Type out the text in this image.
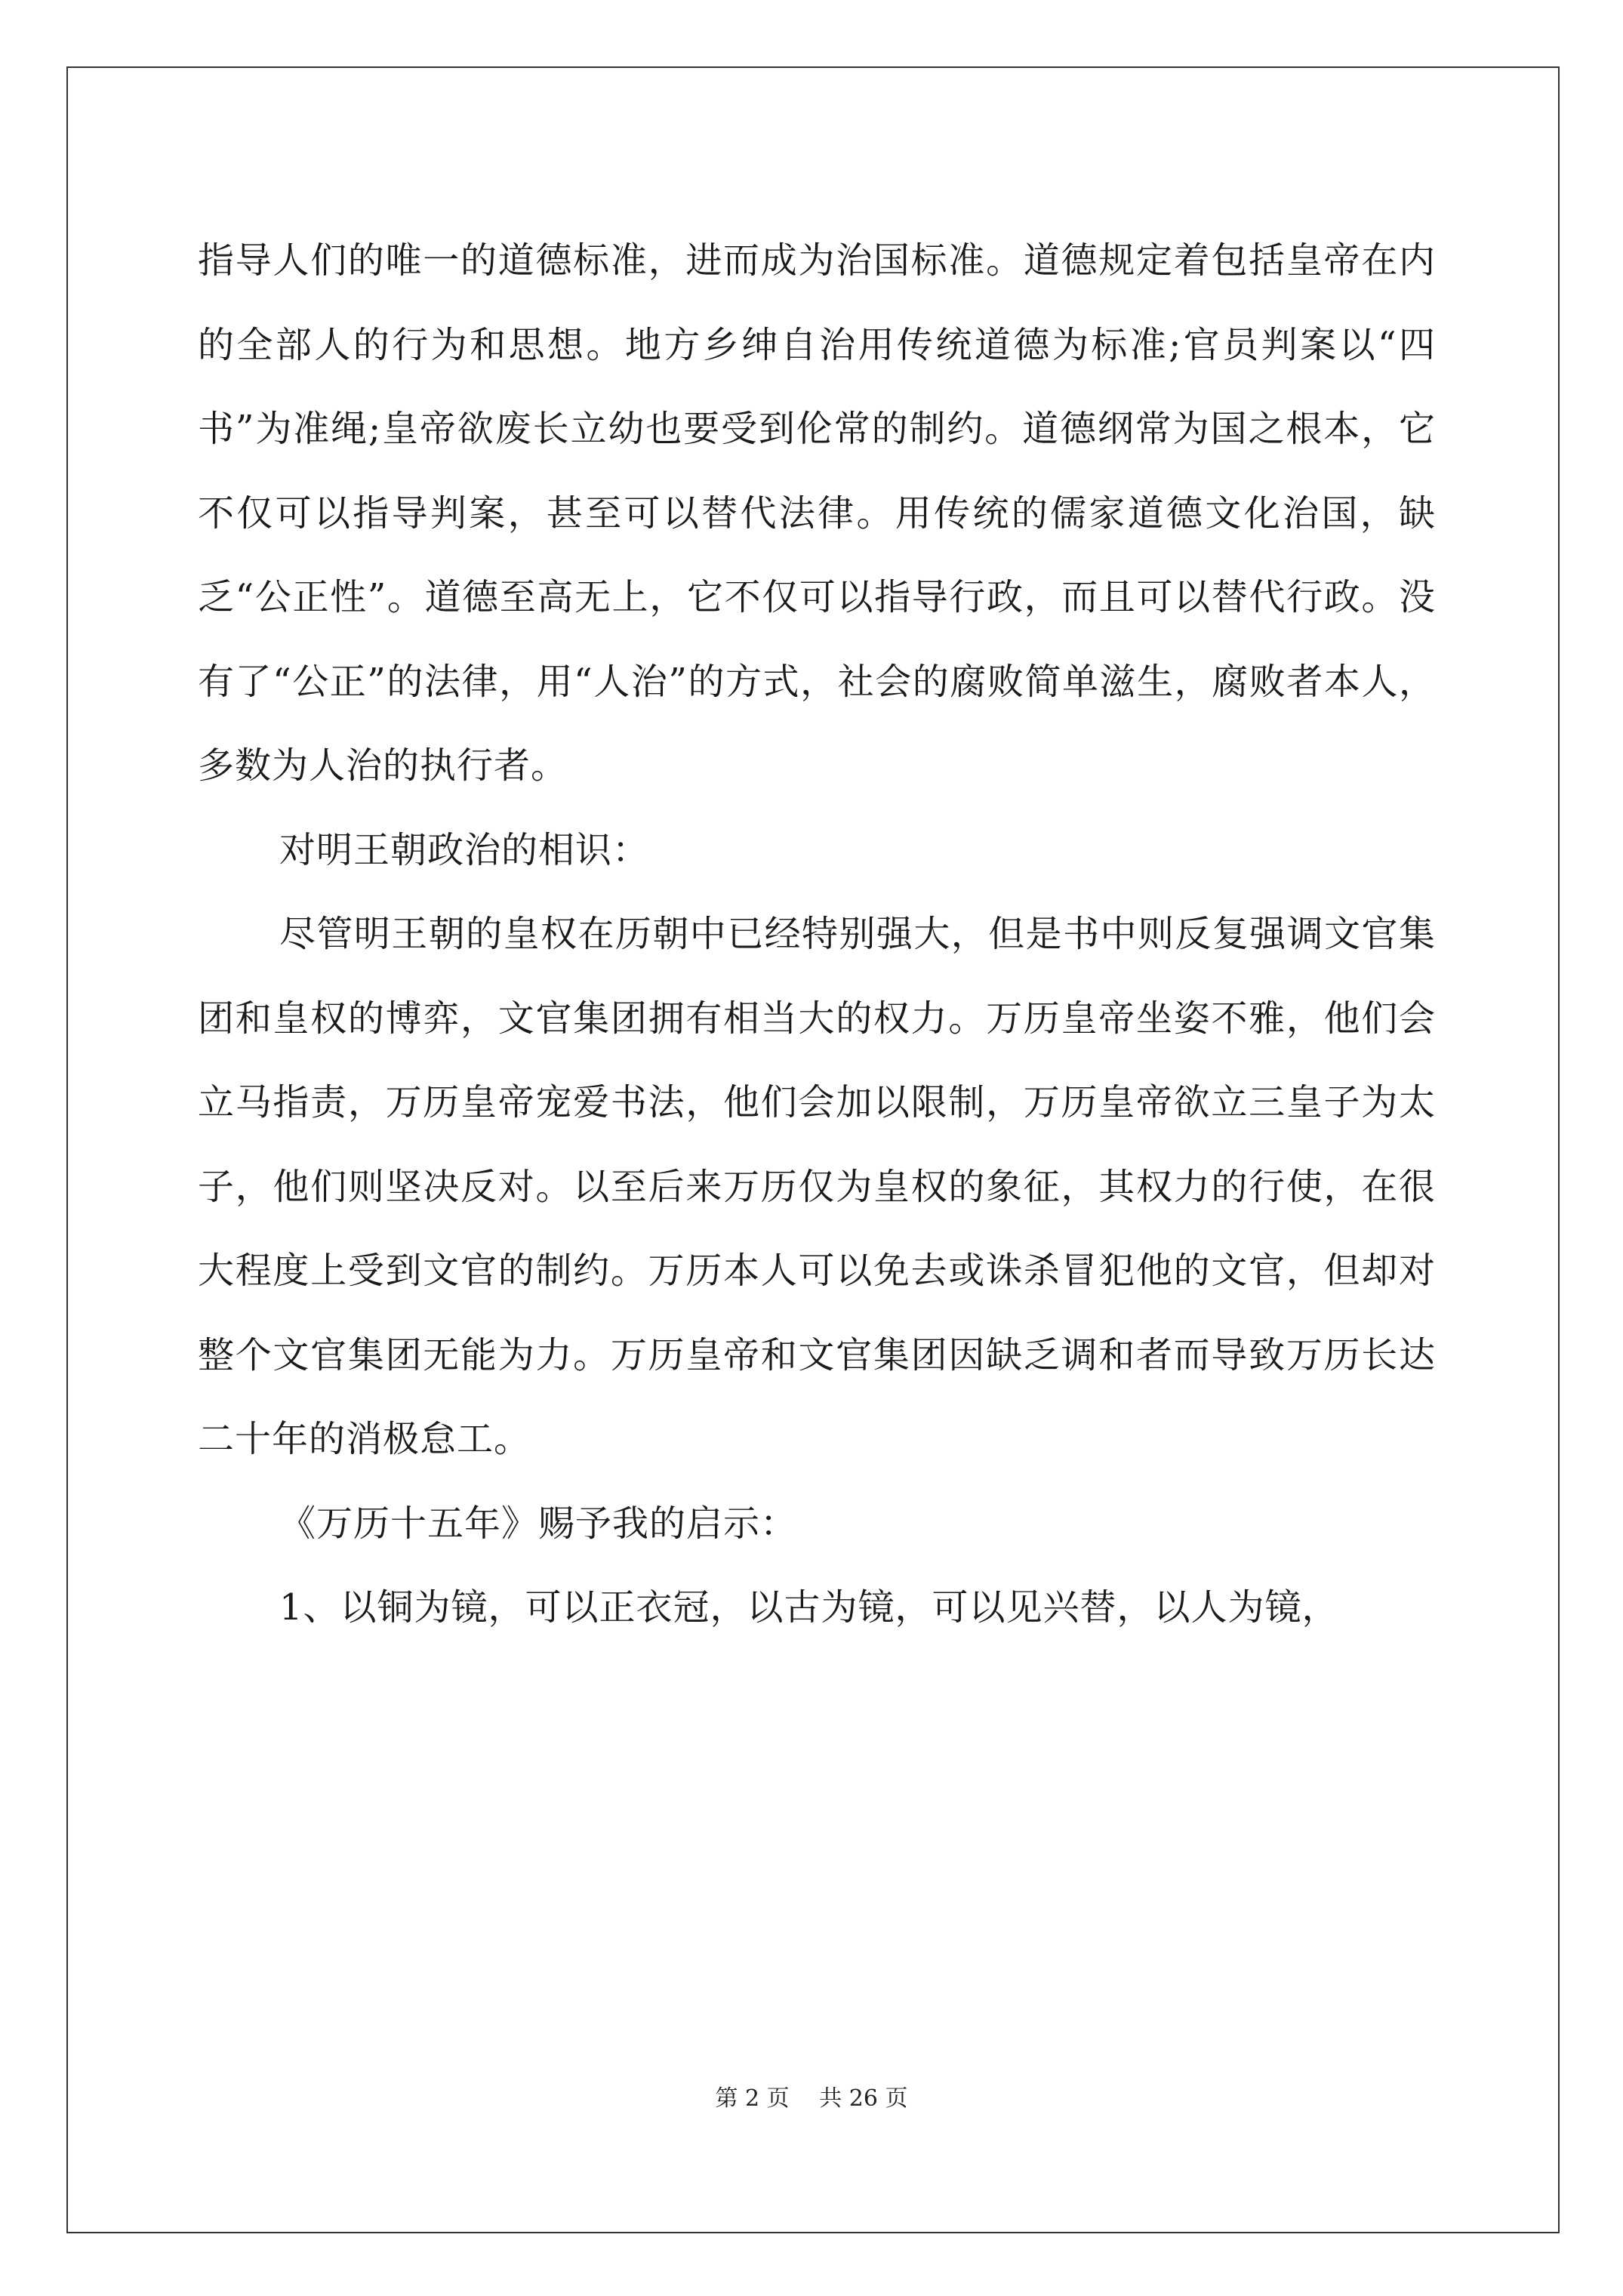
指导人们的唯一的道德标准，进而成为治国标准。道德规定着包括皇帝在内的全部人的行为和思想。地方乡绅自治用传统道德为标准;官员判案以“四书”为准绳;皇帝欲废长立幼也要受到伦常的制约。道德纲常为国之根本，它不仅可以指导判案，甚至可以替代法律。用传统的儒家道德文化治国，缺乏“公正性”。道德至高无上，它不仅可以指导行政，而且可以替代行政。没有了“公正”的法律，用“人治”的方式，社会的腐败简单滋生，腐败者本人，多数为人治的执行者。

对明王朝政治的相识：

尽管明王朝的皇权在历朝中已经特别强大，但是书中则反复强调文官集团和皇权的博弈，文官集团拥有相当大的权力。万历皇帝坐姿不雅，他们会立马指责，万历皇帝宠爱书法，他们会加以限制，万历皇帝欲立三皇子为太子，他们则坚决反对。以至后来万历仅为皇权的象征，其权力的行使，在很大程度上受到文官的制约。万历本人可以免去或诛杀冒犯他的文官，但却对整个文官集团无能为力。万历皇帝和文官集团因缺乏调和者而导致万历长达二十年的消极怠工。

《万历十五年》赐予我的启示：

1、以铜为镜，可以正衣冠，以古为镜，可以见兴替，以人为镜，

第 2 页　 共 26 页
